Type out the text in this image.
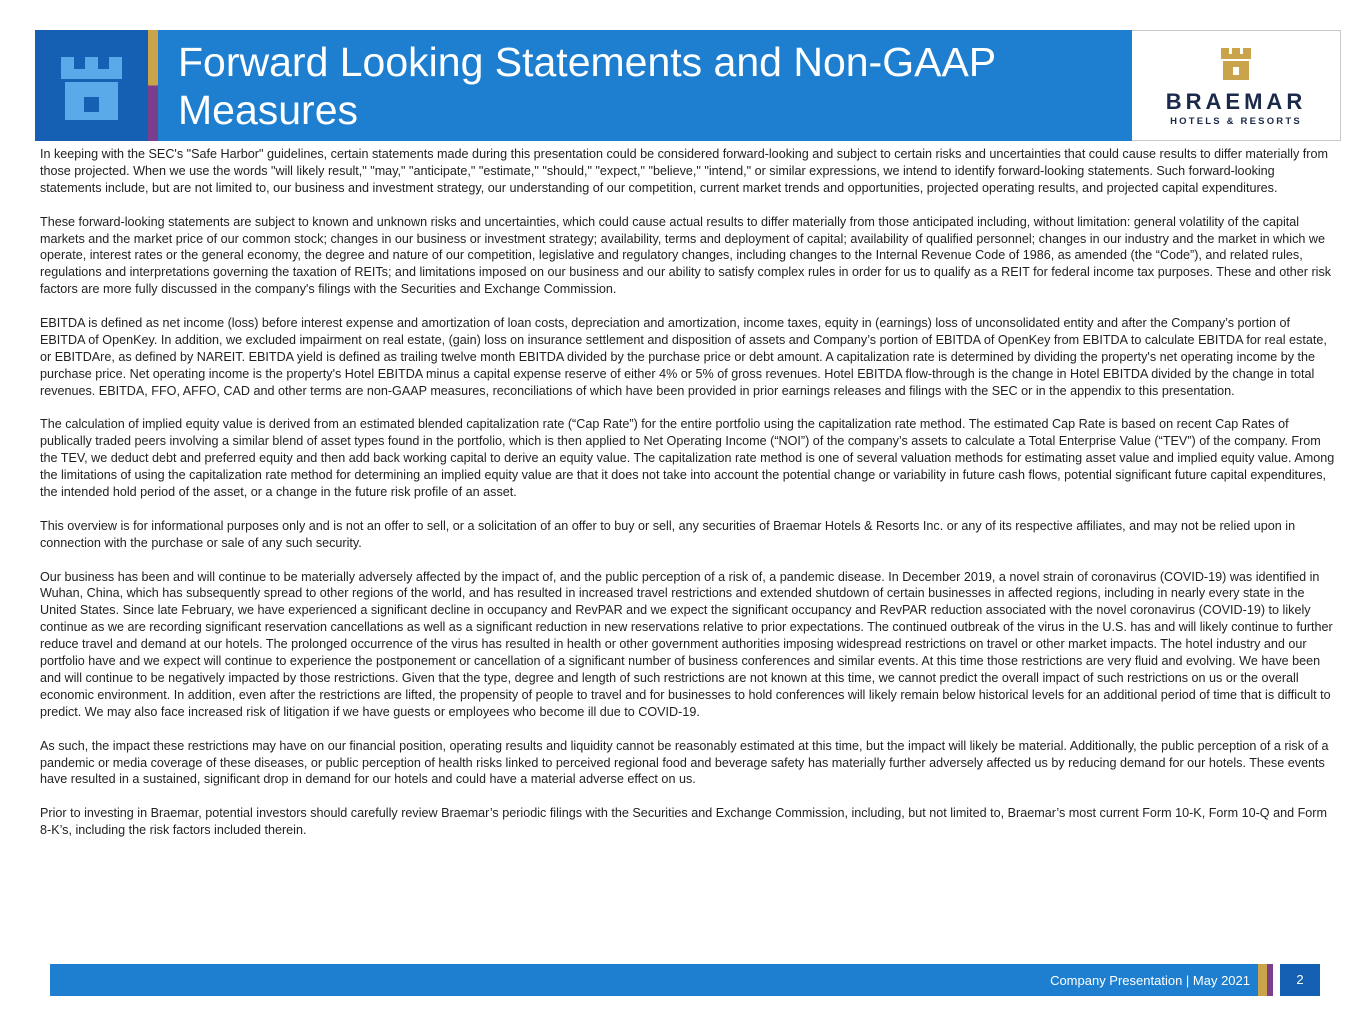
Forward Looking Statements and Non-GAAP Measures	BRAEMAR
HOTELS & RESORTS

In keeping with the SEC's "Safe Harbor" guidelines, certain statements made during this presentation could be considered forward-looking and subject to certain risks and uncertainties that could cause results to differ materially from those projected. When we use the words "will likely result," "may," "anticipate," "estimate," "should," "expect," "believe," "intend," or similar expressions, we intend to identify forward-looking statements. Such forward-looking statements include, but are not limited to, our business and investment strategy, our understanding of our competition, current market trends and opportunities, projected operating results, and projected capital expenditures.

These forward-looking statements are subject to known and unknown risks and uncertainties, which could cause actual results to differ materially from those anticipated including, without limitation: general volatility of the capital markets and the market price of our common stock; changes in our business or investment strategy; availability, terms and deployment of capital; availability of qualified personnel; changes in our industry and the market in which we operate, interest rates or the general economy, the degree and nature of our competition, legislative and regulatory changes, including changes to the Internal Revenue Code of 1986, as amended (the “Code”), and related rules, regulations and interpretations governing the taxation of REITs; and limitations imposed on our business and our ability to satisfy complex rules in order for us to qualify as a REIT for federal income tax purposes. These and other risk factors are more fully discussed in the company's filings with the Securities and Exchange Commission.

EBITDA is defined as net income (loss) before interest expense and amortization of loan costs, depreciation and amortization, income taxes, equity in (earnings) loss of unconsolidated entity and after the Company’s portion of EBITDA of OpenKey. In addition, we excluded impairment on real estate, (gain) loss on insurance settlement and disposition of assets and Company’s portion of EBITDA of OpenKey from EBITDA to calculate EBITDA for real estate, or EBITDAre, as defined by NAREIT. EBITDA yield is defined as trailing twelve month EBITDA divided by the purchase price or debt amount. A capitalization rate is determined by dividing the property's net operating income by the purchase price. Net operating income is the property's Hotel EBITDA minus a capital expense reserve of either 4% or 5% of gross revenues. Hotel EBITDA flow-through is the change in Hotel EBITDA divided by the change in total revenues. EBITDA, FFO, AFFO, CAD and other terms are non-GAAP measures, reconciliations of which have been provided in prior earnings releases and filings with the SEC or in the appendix to this presentation.

The calculation of implied equity value is derived from an estimated blended capitalization rate (“Cap Rate”) for the entire portfolio using the capitalization rate method. The estimated Cap Rate is based on recent Cap Rates of publically traded peers involving a similar blend of asset types found in the portfolio, which is then applied to Net Operating Income (“NOI”) of the company’s assets to calculate a Total Enterprise Value (“TEV”) of the company. From the TEV, we deduct debt and preferred equity and then add back working capital to derive an equity value. The capitalization rate method is one of several valuation methods for estimating asset value and implied equity value. Among the limitations of using the capitalization rate method for determining an implied equity value are that it does not take into account the potential change or variability in future cash flows, potential significant future capital expenditures, the intended hold period of the asset, or a change in the future risk profile of an asset.

This overview is for informational purposes only and is not an offer to sell, or a solicitation of an offer to buy or sell, any securities of Braemar Hotels & Resorts Inc. or any of its respective affiliates, and may not be relied upon in connection with the purchase or sale of any such security.

Our business has been and will continue to be materially adversely affected by the impact of, and the public perception of a risk of, a pandemic disease. In December 2019, a novel strain of coronavirus (COVID-19) was identified in Wuhan, China, which has subsequently spread to other regions of the world, and has resulted in increased travel restrictions and extended shutdown of certain businesses in affected regions, including in nearly every state in the United States. Since late February, we have experienced a significant decline in occupancy and RevPAR and we expect the significant occupancy and RevPAR reduction associated with the novel coronavirus (COVID-19) to likely continue as we are recording significant reservation cancellations as well as a significant reduction in new reservations relative to prior expectations. The continued outbreak of the virus in the U.S. has and will likely continue to further reduce travel and demand at our hotels. The prolonged occurrence of the virus has resulted in health or other government authorities imposing widespread restrictions on travel or other market impacts. The hotel industry and our portfolio have and we expect will continue to experience the postponement or cancellation of a significant number of business conferences and similar events. At this time those restrictions are very fluid and evolving. We have been and will continue to be negatively impacted by those restrictions. Given that the type, degree and length of such restrictions are not known at this time, we cannot predict the overall impact of such restrictions on us or the overall economic environment. In addition, even after the restrictions are lifted, the propensity of people to travel and for businesses to hold conferences will likely remain below historical levels for an additional period of time that is difficult to predict. We may also face increased risk of litigation if we have guests or employees who become ill due to COVID-19.

As such, the impact these restrictions may have on our financial position, operating results and liquidity cannot be reasonably estimated at this time, but the impact will likely be material. Additionally, the public perception of a risk of a pandemic or media coverage of these diseases, or public perception of health risks linked to perceived regional food and beverage safety has materially further adversely affected us by reducing demand for our hotels. These events have resulted in a sustained, significant drop in demand for our hotels and could have a material adverse effect on us.

Prior to investing in Braemar, potential investors should carefully review Braemar’s periodic filings with the Securities and Exchange Commission, including, but not limited to, Braemar’s most current Form 10-K, Form 10-Q and Form 8-K’s, including the risk factors included therein.

Company Presentation | May 2021	2
